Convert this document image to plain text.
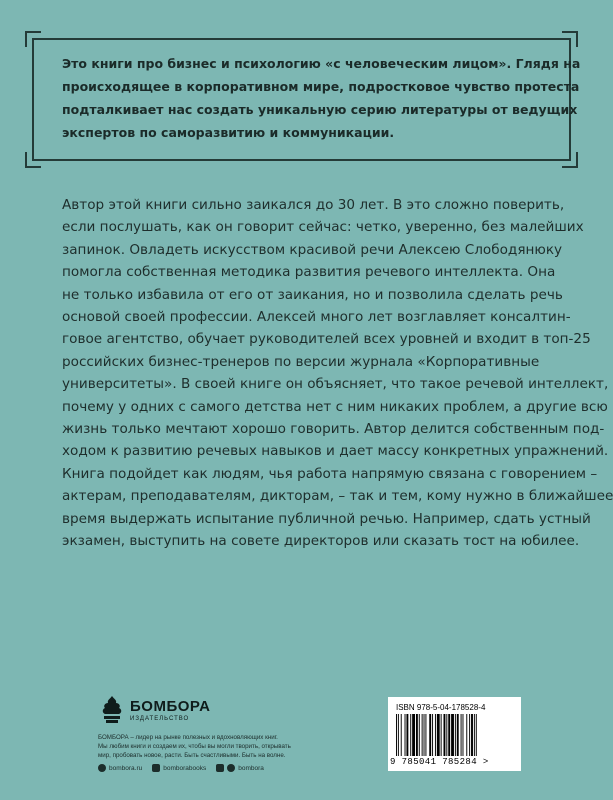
Это книги про бизнес и психологию «с человеческим лицом». Глядя на
происходящее в корпоративном мире, подростковое чувство протеста
подталкивает нас создать уникальную серию литературы от ведущих
экспертов по саморазвитию и коммуникации.
Автор этой книги сильно заикался до 30 лет. В это сложно поверить,
если послушать, как он говорит сейчас: четко, уверенно, без малейших
запинок. Овладеть искусством красивой речи Алексею Слободянюку
помогла собственная методика развития речевого интеллекта. Она
не только избавила от его от заикания, но и позволила сделать речь
основой своей профессии. Алексей много лет возглавляет консалтин-
говое агентство, обучает руководителей всех уровней и входит в топ-25
российских бизнес-тренеров по версии журнала «Корпоративные
университеты». В своей книге он объясняет, что такое речевой интеллект,
почему у одних с самого детства нет с ним никаких проблем, а другие всю
жизнь только мечтают хорошо говорить. Автор делится собственным под-
ходом к развитию речевых навыков и дает массу конкретных упражнений.
Книга подойдет как людям, чья работа напрямую связана с говорением –
актерам, преподавателям, дикторам, – так и тем, кому нужно в ближайшее
время выдержать испытание публичной речью. Например, сдать устный
экзамен, выступить на совете директоров или сказать тост на юбилее.
БОМБОРА
ИЗДАТЕЛЬСТВО
БОМБОРА – лидер на рынке полезных и вдохновляющих книг.
Мы любим книги и создаем их, чтобы вы могли творить, открывать
мир, пробовать новое, расти. Быть счастливыми. Быть на волне.
bombora.ru	bomborabooks	bombora
ISBN 978-5-04-178528-4
9 785041 785284 >
